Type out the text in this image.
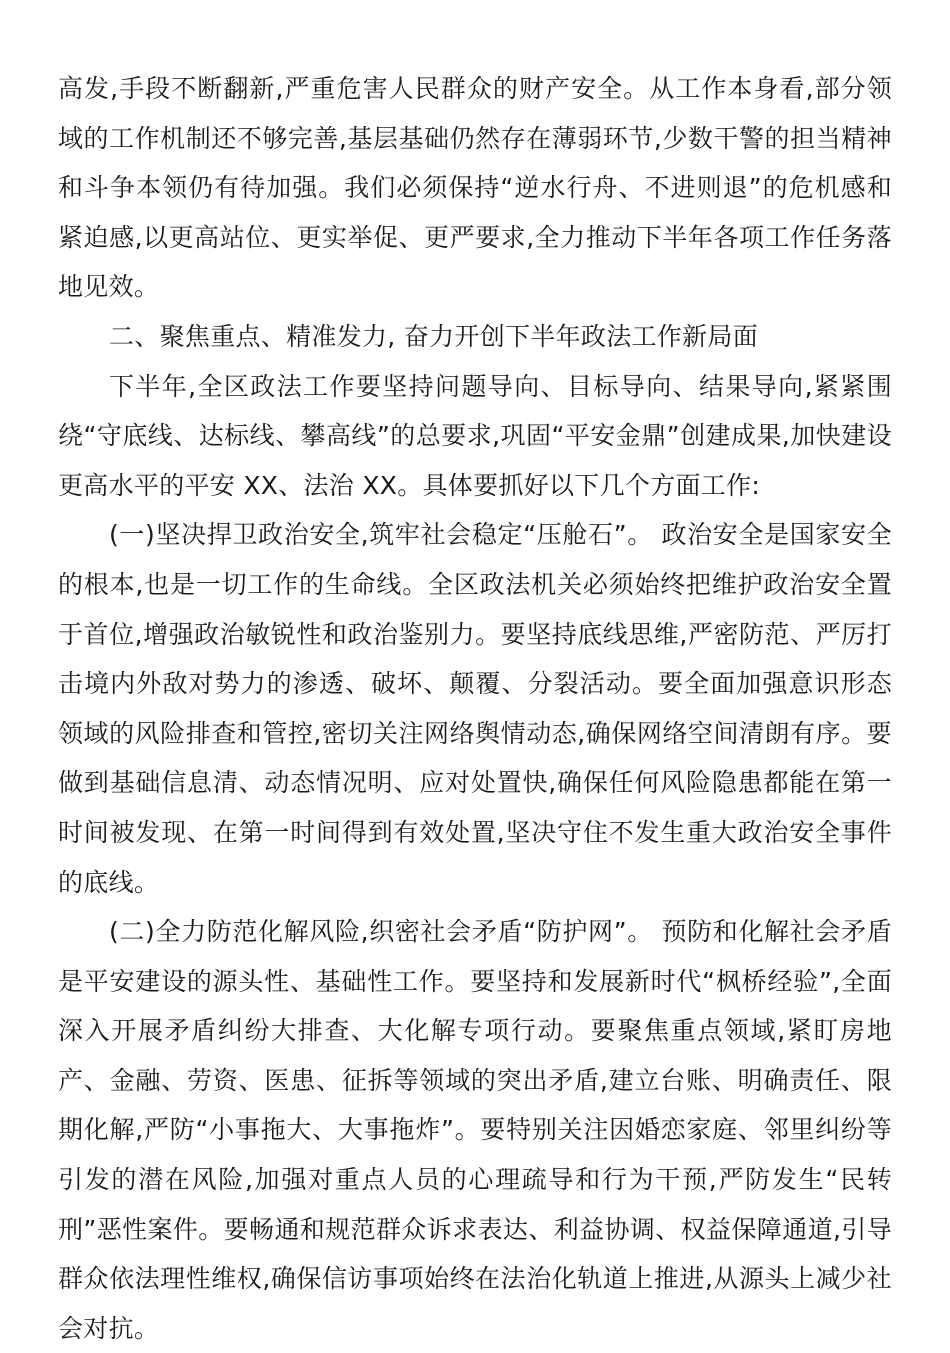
高发,手段不断翻新,严重危害人民群众的财产安全。从工作本身看,部分领域的工作机制还不够完善,基层基础仍然存在薄弱环节,少数干警的担当精神和斗争本领仍有待加强。我们必须保持“逆水行舟、不进则退”的危机感和紧迫感,以更高站位、更实举促、更严要求,全力推动下半年各项工作任务落地见效。

二、聚焦重点、精准发力, 奋力开创下半年政法工作新局面

下半年,全区政法工作要坚持问题导向、目标导向、结果导向,紧紧围绕“守底线、达标线、攀高线”的总要求,巩固“平安金鼎”创建成果,加快建设更高水平的平安 XX、法治 XX。具体要抓好以下几个方面工作:

(一)坚决捍卫政治安全,筑牢社会稳定“压舱石”。 政治安全是国家安全的根本,也是一切工作的生命线。全区政法机关必须始终把维护政治安全置于首位,增强政治敏锐性和政治鉴别力。要坚持底线思维,严密防范、严厉打击境内外敌对势力的渗透、破坏、颠覆、分裂活动。要全面加强意识形态领域的风险排查和管控,密切关注网络舆情动态,确保网络空间清朗有序。要做到基础信息清、动态情况明、应对处置快,确保任何风险隐患都能在第一时间被发现、在第一时间得到有效处置,坚决守住不发生重大政治安全事件的底线。

(二)全力防范化解风险,织密社会矛盾“防护网”。 预防和化解社会矛盾是平安建设的源头性、基础性工作。要坚持和发展新时代“枫桥经验”,全面深入开展矛盾纠纷大排查、大化解专项行动。要聚焦重点领域,紧盯房地产、金融、劳资、医患、征拆等领域的突出矛盾,建立台账、明确责任、限期化解,严防“小事拖大、大事拖炸”。要特别关注因婚恋家庭、邻里纠纷等引发的潜在风险,加强对重点人员的心理疏导和行为干预,严防发生“民转刑”恶性案件。要畅通和规范群众诉求表达、利益协调、权益保障通道,引导群众依法理性维权,确保信访事项始终在法治化轨道上推进,从源头上减少社会对抗。
